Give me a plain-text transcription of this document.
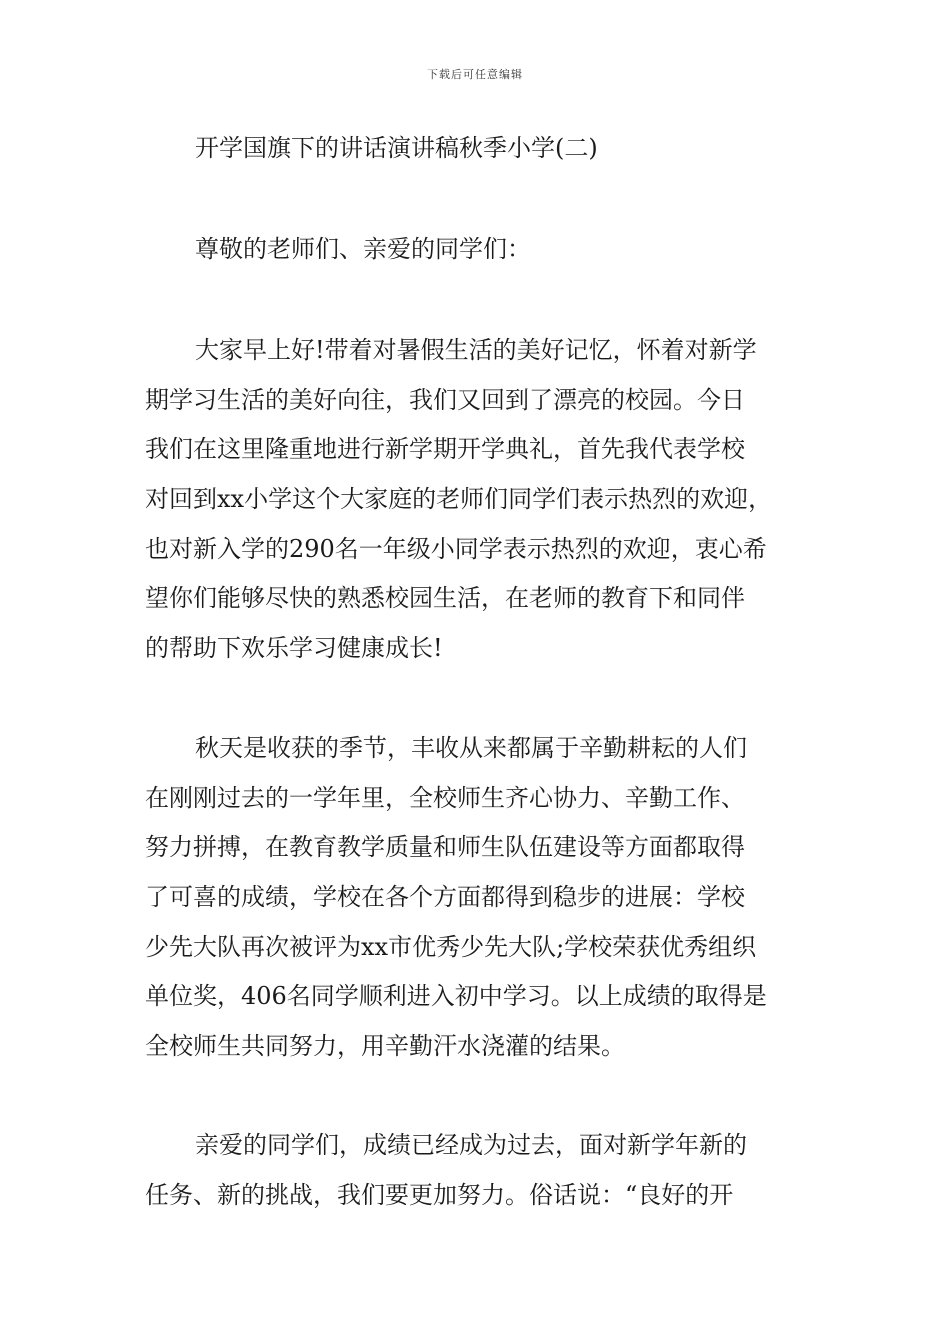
下载后可任意编辑
开学国旗下的讲话演讲稿秋季小学(二)
尊敬的老师们、亲爱的同学们：
大家早上好!带着对暑假生活的美好记忆，怀着对新学
期学习生活的美好向往，我们又回到了漂亮的校园。今日
我们在这里隆重地进行新学期开学典礼，首先我代表学校
对回到xx小学这个大家庭的老师们同学们表示热烈的欢迎，
也对新入学的290名一年级小同学表示热烈的欢迎，衷心希
望你们能够尽快的熟悉校园生活，在老师的教育下和同伴
的帮助下欢乐学习健康成长!
秋天是收获的季节，丰收从来都属于辛勤耕耘的人们
在刚刚过去的一学年里，全校师生齐心协力、辛勤工作、
努力拼搏，在教育教学质量和师生队伍建设等方面都取得
了可喜的成绩，学校在各个方面都得到稳步的进展：学校
少先大队再次被评为xx市优秀少先大队;学校荣获优秀组织
单位奖，406名同学顺利进入初中学习。以上成绩的取得是
全校师生共同努力，用辛勤汗水浇灌的结果。
亲爱的同学们，成绩已经成为过去，面对新学年新的
任务、新的挑战，我们要更加努力。俗话说：“良好的开
